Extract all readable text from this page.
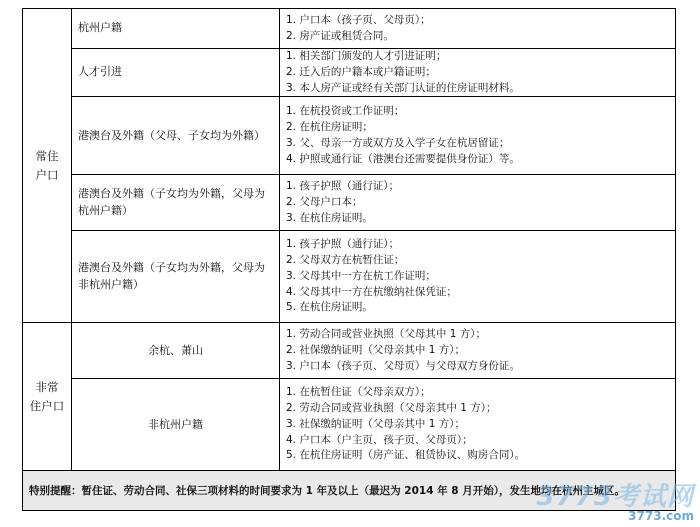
常住
户口	杭州户籍	1. 户口本（孩子页、父母页）；
2. 房产证或租赁合同。

	人才引进	1. 相关部门颁发的人才引进证明；
2. 迁入后的户籍本或户籍证明；
3. 本人房产证或经有关部门认证的住房证明材料。

	港澳台及外籍（父母、子女均为外籍）	1. 在杭投资或工作证明；
2. 在杭住房证明；
3. 父、母亲一方或双方及入学子女在杭居留证；
4. 护照或通行证（港澳台还需要提供身份证）等。

	港澳台及外籍（子女均为外籍，父母为杭州户籍）	1. 孩子护照（通行证）；
2. 父母户口本；
3. 在杭住房证明。

	港澳台及外籍（子女均为外籍，父母为非杭州户籍）	1. 孩子护照（通行证）；
2. 父母双方在杭暂住证；
3. 父母其中一方在杭工作证明；
4. 父母其中一方在杭缴纳社保凭证；
5. 在杭住房证明。

非常
住户口	余杭、萧山	1. 劳动合同或营业执照（父母其中 1 方）；
2. 社保缴纳证明（父母亲其中 1 方）；
3. 户口本（孩子页、父母页）与父母双方身份证。

	非杭州户籍	1. 在杭暂住证（父母亲双方）；
2. 劳动合同或营业执照（父母亲其中 1 方）；
3. 社保缴纳证明（父母亲其中 1 方）；
4. 户口本（户主页、孩子页、父母页）；
5. 在杭住房证明（房产证、租赁协议、购房合同）。

特别提醒：暂住证、劳动合同、社保三项材料的时间要求为 1 年及以上（最迟为 2014 年 8 月开始），发生地均在杭州主城区。		
3773考试网
3773.com
